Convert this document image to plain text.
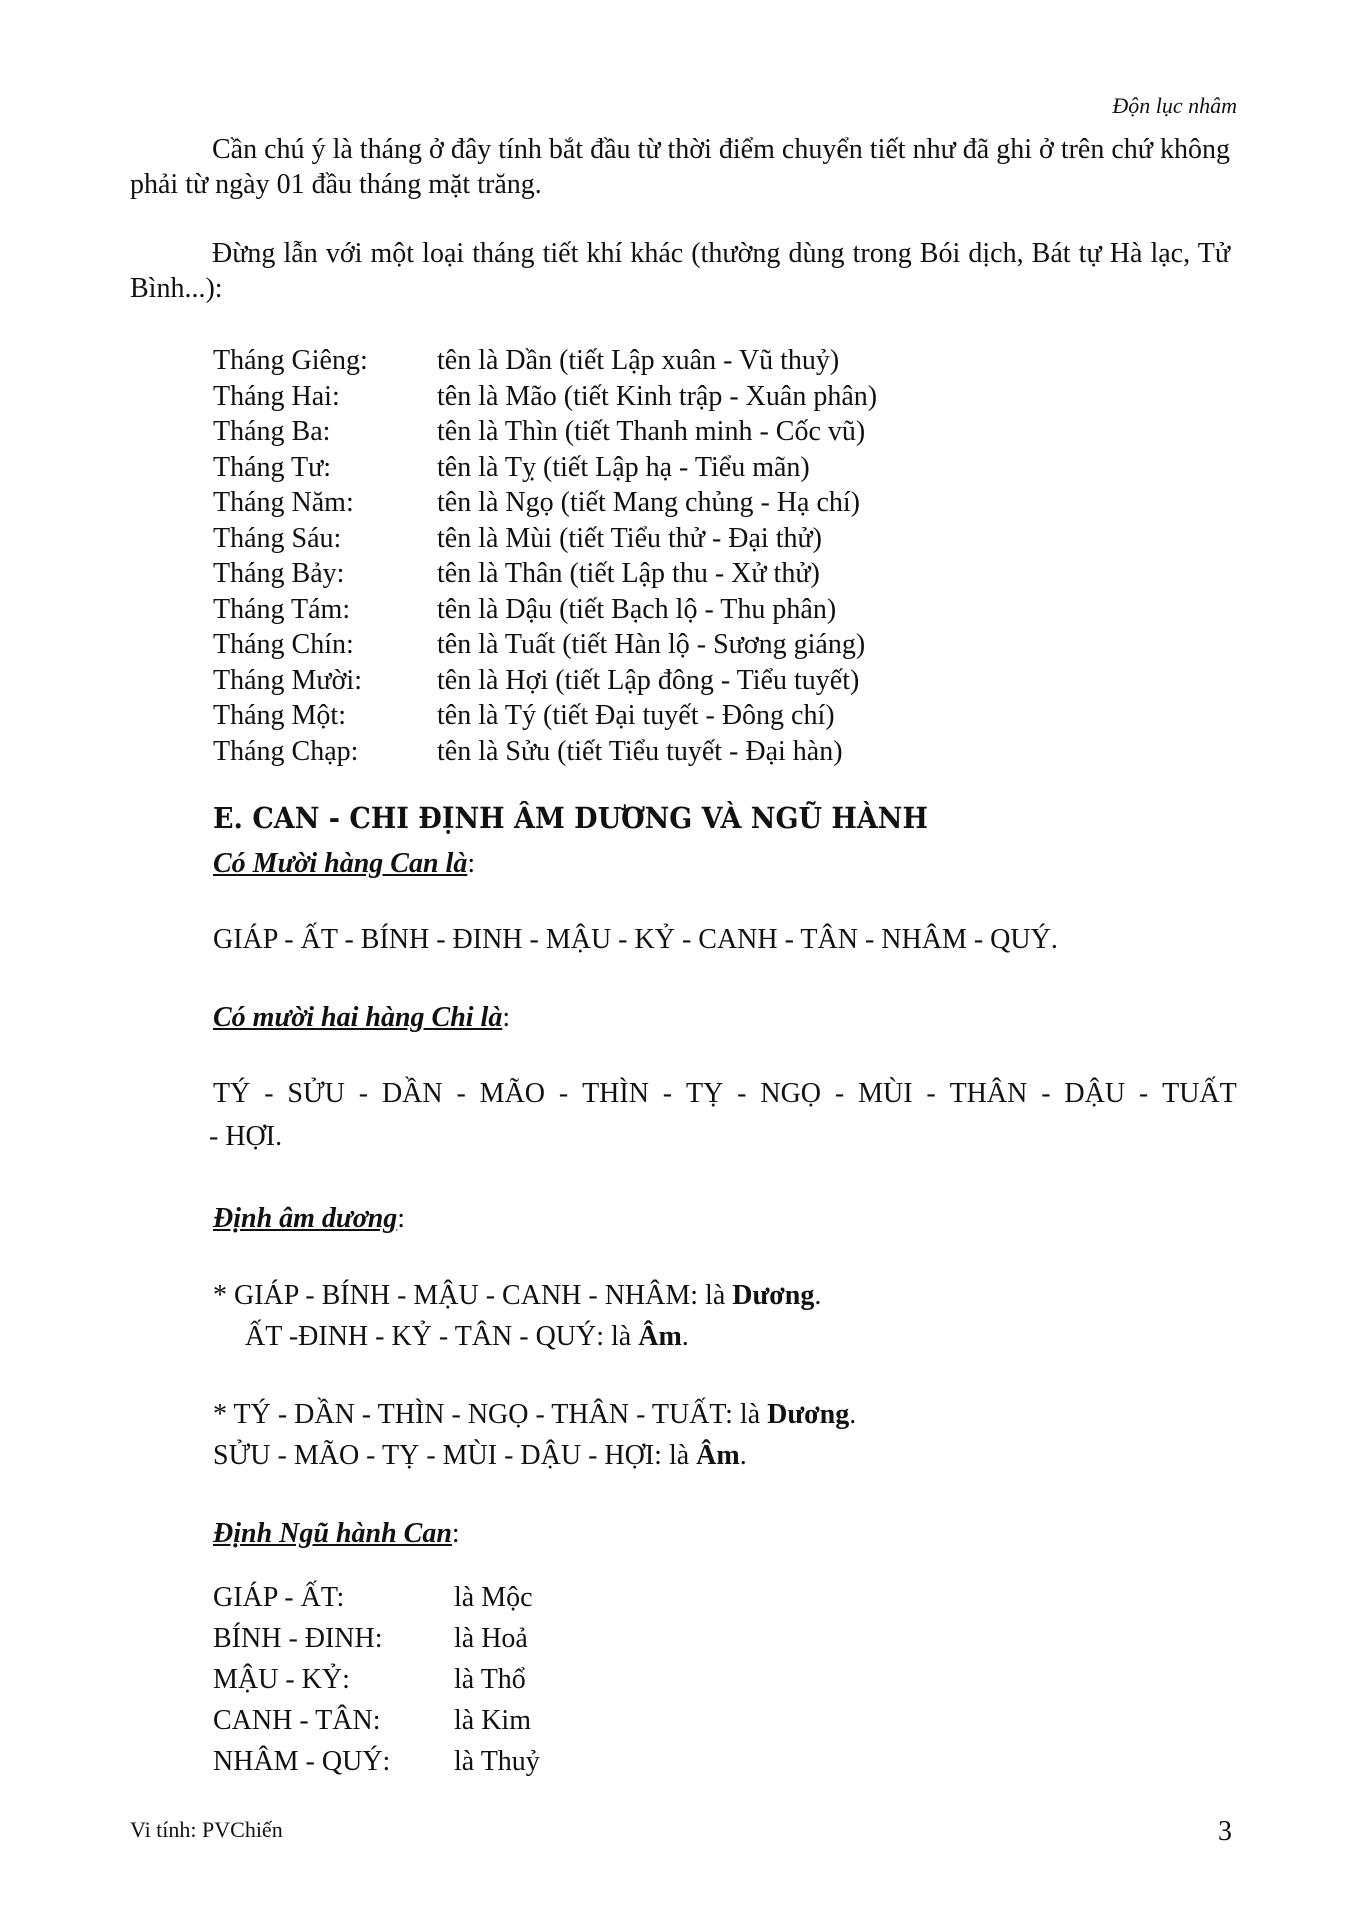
Độn lục nhâm

Cần chú ý là tháng ở đây tính bắt đầu từ thời điểm chuyển tiết như đã ghi ở trên chứ không phải từ ngày 01 đầu tháng mặt trăng.

Đừng lẫn với một loại tháng tiết khí khác (thường dùng trong Bói dịch, Bát tự Hà lạc, Tử Bình...):

Tháng Giêng:	tên là Dần (tiết Lập xuân - Vũ thuỷ)
Tháng Hai:	tên là Mão (tiết Kinh trập - Xuân phân)
Tháng Ba:	tên là Thìn (tiết Thanh minh - Cốc vũ)
Tháng Tư:	tên là Tỵ (tiết Lập hạ - Tiểu mãn)
Tháng Năm:	tên là Ngọ (tiết Mang chủng - Hạ chí)
Tháng Sáu:	tên là Mùi (tiết Tiểu thử - Đại thử)
Tháng Bảy:	tên là Thân (tiết Lập thu - Xử thử)
Tháng Tám:	tên là Dậu (tiết Bạch lộ - Thu phân)
Tháng Chín:	tên là Tuất (tiết Hàn lộ - Sương giáng)
Tháng Mười:	tên là Hợi (tiết Lập đông - Tiểu tuyết)
Tháng Một:	tên là Tý (tiết Đại tuyết - Đông chí)
Tháng Chạp:	tên là Sửu (tiết Tiểu tuyết - Đại hàn)
E. CAN - CHI ĐỊNH ÂM DƯƠNG VÀ NGŨ HÀNH
Có Mười hàng Can là:
GIÁP - ẤT - BÍNH - ĐINH - MẬU - KỶ - CANH - TÂN - NHÂM - QUÝ.
Có mười hai hàng Chi là:
TÝ - SỬU - DẦN - MÃO - THÌN - TỴ - NGỌ - MÙI - THÂN - DẬU - TUẤT
- HỢI.
Định âm dương:
* GIÁP - BÍNH - MẬU - CANH - NHÂM: là Dương.
ẤT -ĐINH - KỶ - TÂN - QUÝ: là Âm.
* TÝ - DẦN - THÌN - NGỌ - THÂN - TUẤT: là Dương.
SỬU - MÃO - TỴ - MÙI - DẬU - HỢI: là Âm.
Định Ngũ hành Can:
GIÁP - ẤT:	là Mộc
BÍNH - ĐINH:	là Hoả
MẬU - KỶ:	là Thổ
CANH - TÂN:	là Kim
NHÂM - QUÝ:	là Thuỷ
Vi tính: PVChiến	3
